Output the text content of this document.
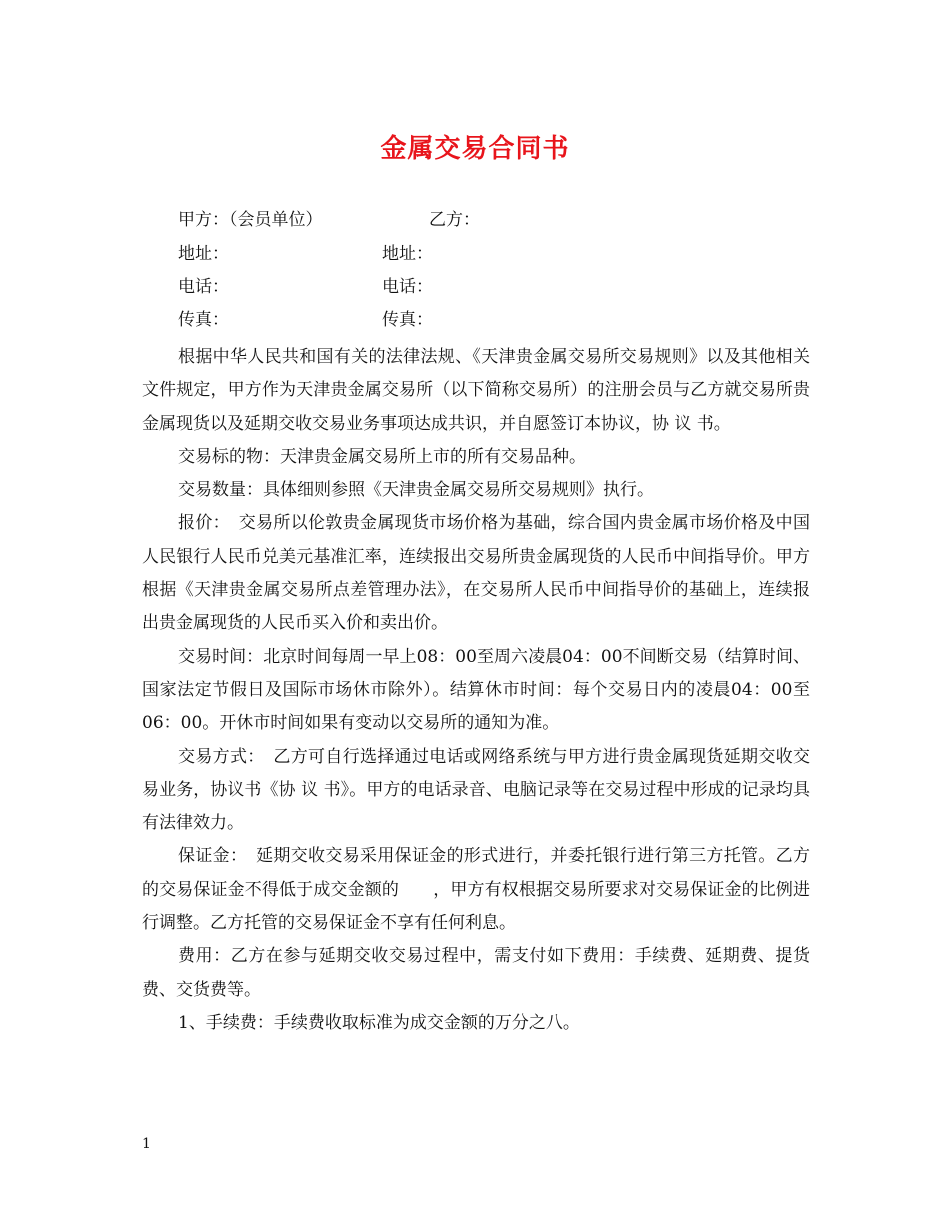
金属交易合同书
甲方：（会员单位）	乙方：
地址：	地址：
电话：	电话：
传真：	传真：

根据中华人民共和国有关的法律法规、《天津贵金属交易所交易规则》以及其他相关文件规定，甲方作为天津贵金属交易所（以下简称交易所）的注册会员与乙方就交易所贵金属现货以及延期交收交易业务事项达成共识，并自愿签订本协议，协 议 书。

交易标的物：天津贵金属交易所上市的所有交易品种。

交易数量：具体细则参照《天津贵金属交易所交易规则》执行。

报价：　交易所以伦敦贵金属现货市场价格为基础，综合国内贵金属市场价格及中国人民银行人民币兑美元基准汇率，连续报出交易所贵金属现货的人民币中间指导价。甲方根据《天津贵金属交易所点差管理办法》，在交易所人民币中间指导价的基础上，连续报出贵金属现货的人民币买入价和卖出价。

交易时间：北京时间每周一早上08：00至周六凌晨04：00不间断交易（结算时间、国家法定节假日及国际市场休市除外）。结算休市时间：每个交易日内的凌晨04：00至06：00。开休市时间如果有变动以交易所的通知为准。

交易方式：　乙方可自行选择通过电话或网络系统与甲方进行贵金属现货延期交收交易业务，协议书《协 议 书》。甲方的电话录音、电脑记录等在交易过程中形成的记录均具有法律效力。

保证金：　延期交收交易采用保证金的形式进行，并委托银行进行第三方托管。乙方的交易保证金不得低于成交金额的　　，甲方有权根据交易所要求对交易保证金的比例进行调整。乙方托管的交易保证金不享有任何利息。

费用：乙方在参与延期交收交易过程中，需支付如下费用：手续费、延期费、提货费、交货费等。

1、手续费：手续费收取标准为成交金额的万分之八。

1
